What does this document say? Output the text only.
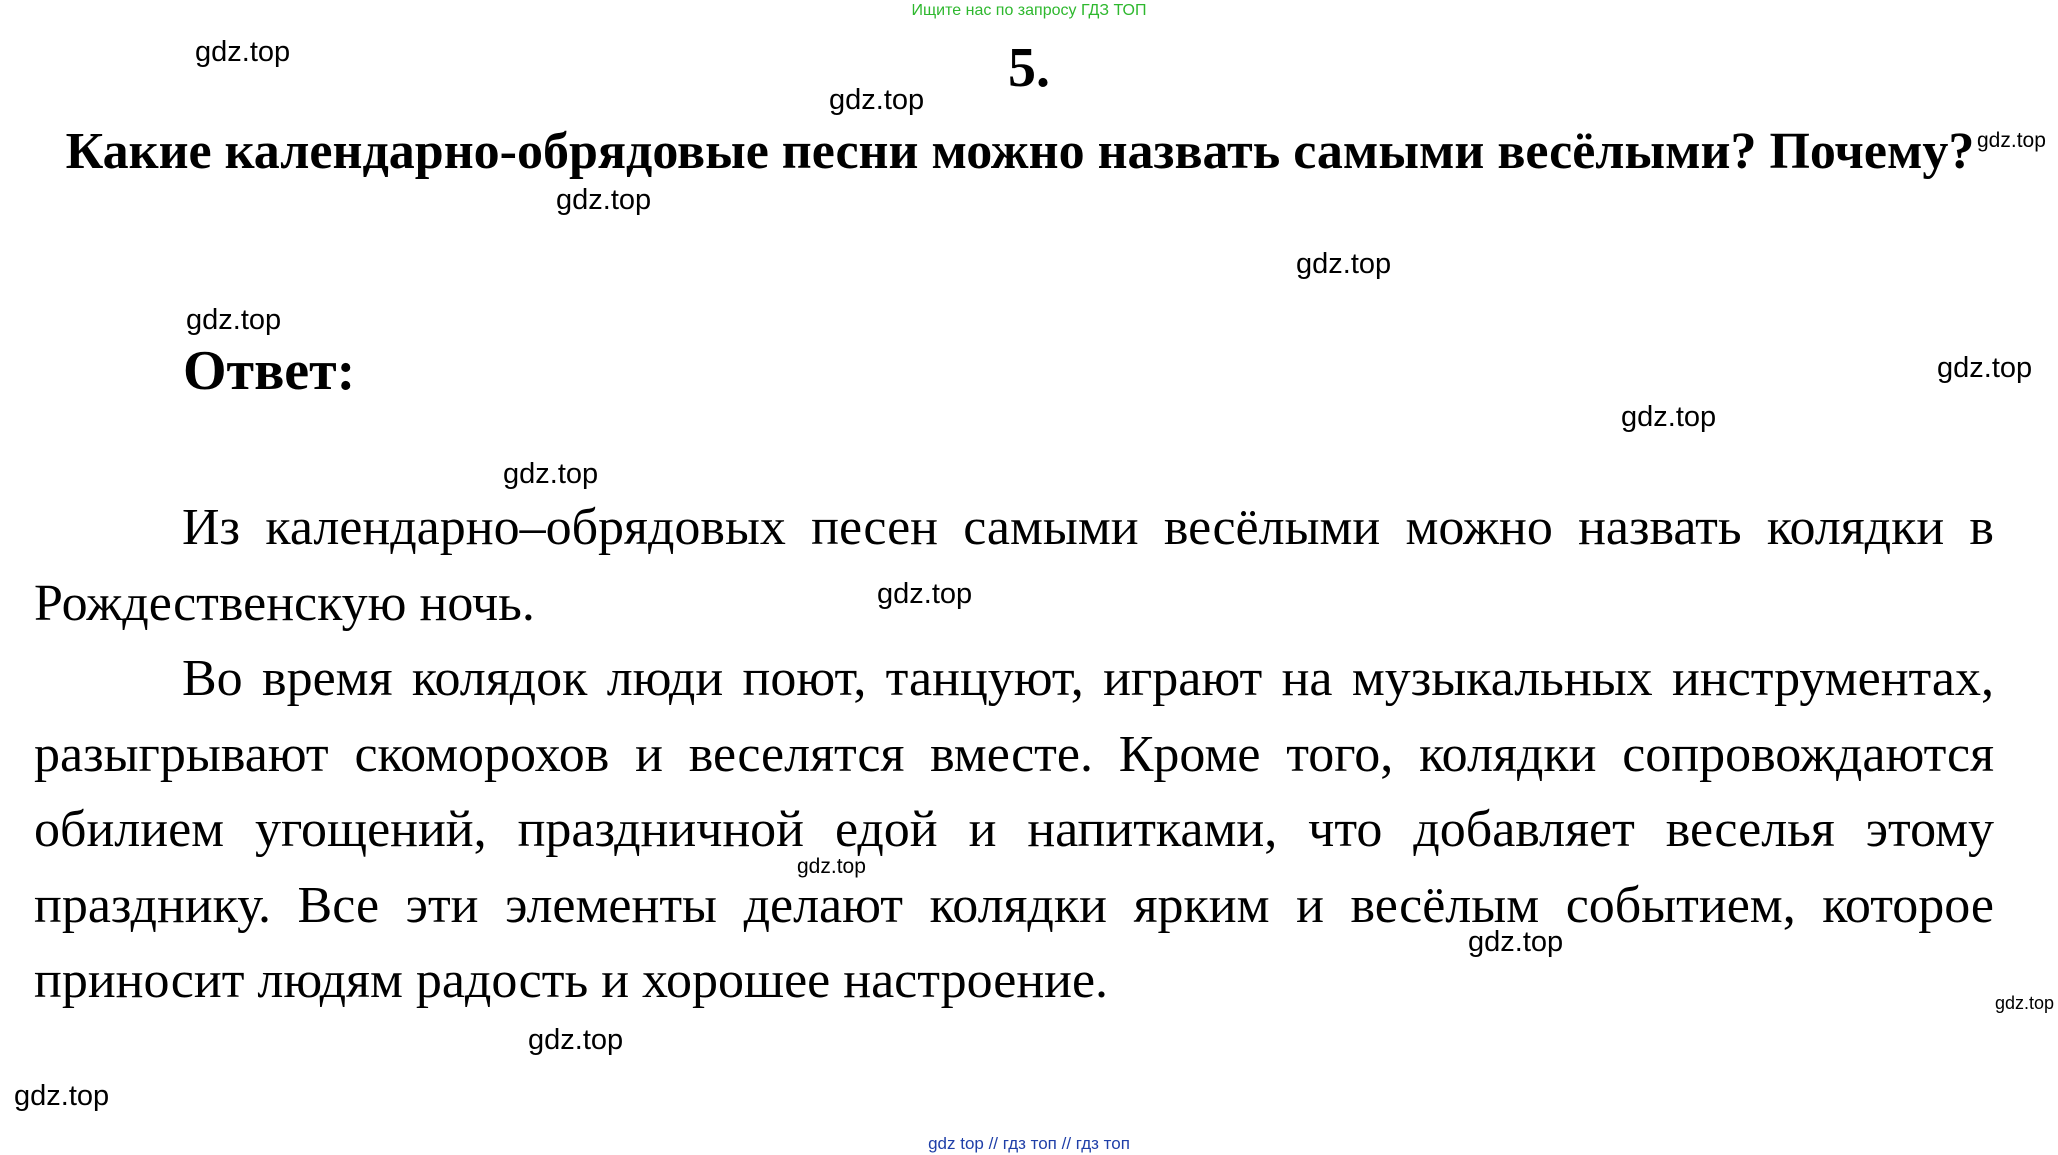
Ищите нас по запросу ГДЗ ТОП
5.
Какие календарно-обрядовые песни можно назвать самыми весёлыми? Почему?
Ответ:

Из календарно–обрядовых песен самыми весёлыми можно назвать колядки в Рождественскую ночь.

Во время колядок люди поют, танцуют, играют на музыкальных инструментах, разыгрывают скоморохов и веселятся вместе. Кроме того, колядки сопровождаются обилием угощений, праздничной едой и напитками, что добавляет веселья этому празднику. Все эти элементы делают колядки ярким и весёлым событием, которое приносит людям радость и хорошее настроение.

gdz.top
gdz.top
gdz.top
gdz.top
gdz.top
gdz.top
gdz.top
gdz.top
gdz.top
gdz.top
gdz.top
gdz.top
gdz.top
gdz.top
gdz.top
gdz top // гдз топ // гдз топ
